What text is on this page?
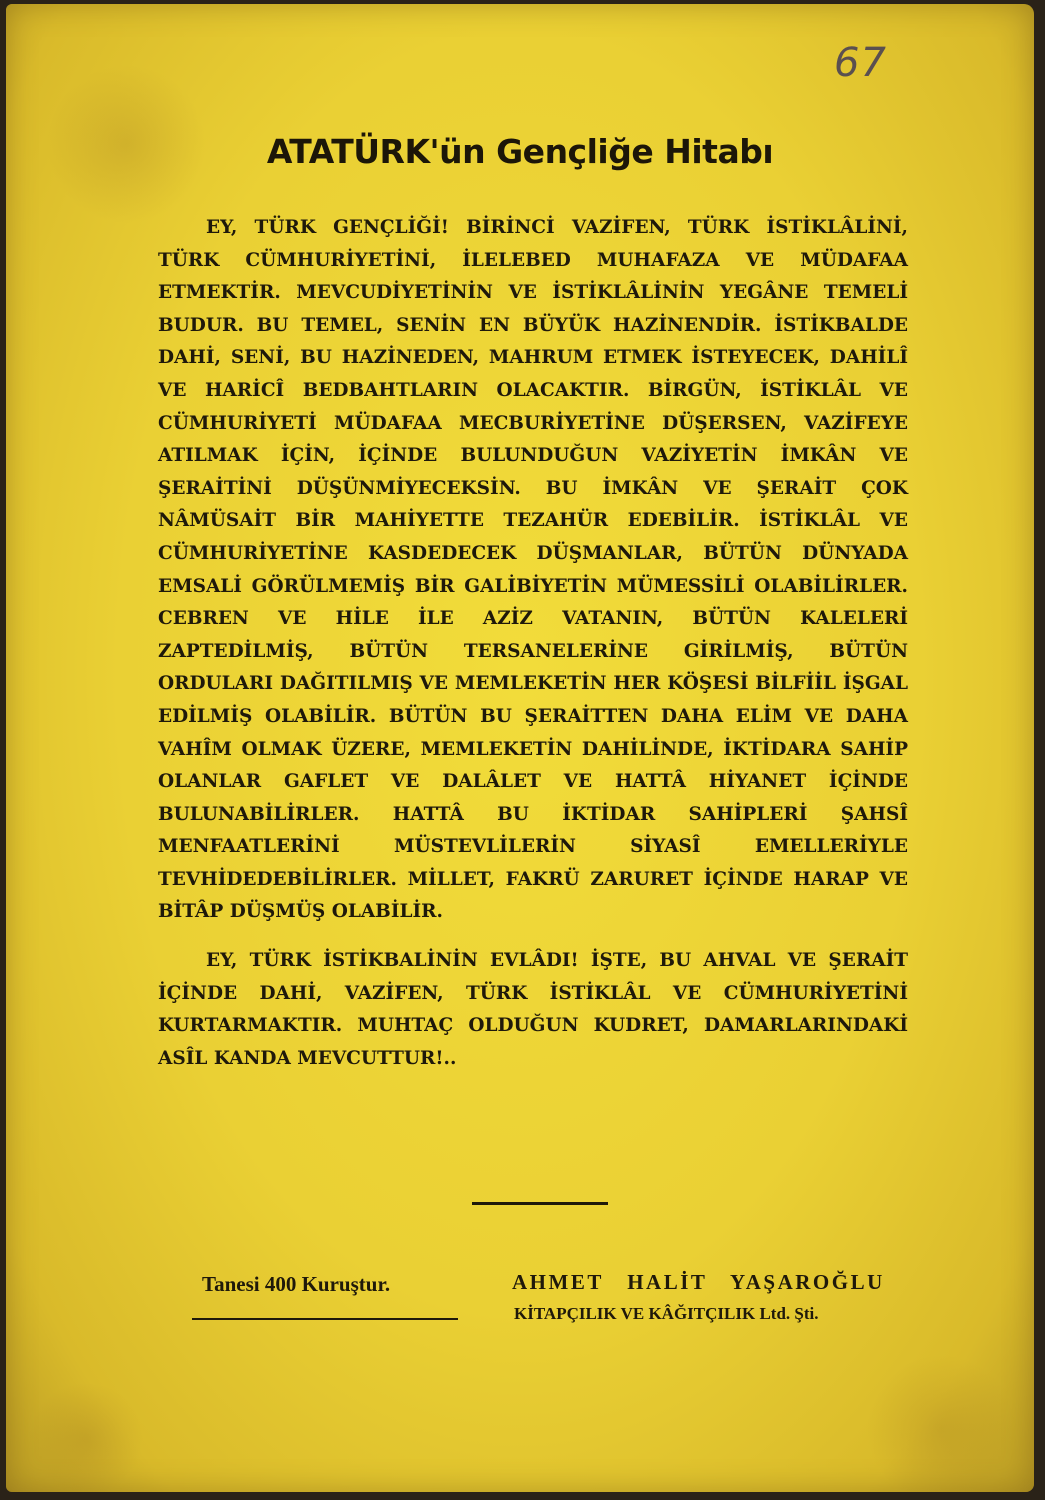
67
ATATÜRK'ün Gençliğe Hitabı

EY, TÜRK GENÇLİĞİ! BİRİNCİ VAZİFEN, TÜRK İSTİKLÂLİNİ, TÜRK CÜMHURİYETİNİ, İLELEBED MUHAFAZA VE MÜDAFAA ETMEKTİR. MEVCUDİYETİNİN VE İSTİKLÂLİNİN YEGÂNE TEMELİ BUDUR. BU TEMEL, SENİN EN BÜYÜK HAZİNENDİR. İSTİKBALDE DAHİ, SENİ, BU HAZİNEDEN, MAHRUM ETMEK İSTEYECEK, DAHİLÎ VE HARİCÎ BEDBAHTLARIN OLACAKTIR. BİRGÜN, İSTİKLÂL VE CÜMHURİYETİ MÜDAFAA MECBURİYETİNE DÜŞERSEN, VAZİFEYE ATILMAK İÇİN, İÇİNDE BULUNDUĞUN VAZİYETİN İMKÂN VE ŞERAİTİNİ DÜŞÜNMİYECEKSİN. BU İMKÂN VE ŞERAİT ÇOK NÂMÜSAİT BİR MAHİYETTE TEZAHÜR EDEBİLİR. İSTİKLÂL VE CÜMHURİYETİNE KASDEDECEK DÜŞMANLAR, BÜTÜN DÜNYADA EMSALİ GÖRÜLMEMİŞ BİR GALİBİYETİN MÜMESSİLİ OLABİLİRLER. CEBREN VE HİLE İLE AZİZ VATANIN, BÜTÜN KALELERİ ZAPTEDİLMİŞ, BÜTÜN TERSANELERİNE GİRİLMİŞ, BÜTÜN ORDULARI DAĞITILMIŞ VE MEMLEKETİN HER KÖŞESİ BİLFİİL İŞGAL EDİLMİŞ OLABİLİR. BÜTÜN BU ŞERAİTTEN DAHA ELİM VE DAHA VAHÎM OLMAK ÜZERE, MEMLEKETİN DAHİLİNDE, İKTİDARA SAHİP OLANLAR GAFLET VE DALÂLET VE HATTÂ HİYANET İÇİNDE BULUNABİLİRLER. HATTÂ BU İKTİDAR SAHİPLERİ ŞAHSÎ MENFAATLERİNİ MÜSTEVLİLERİN SİYASÎ EMELLERİYLE TEVHİDEDEBİLİRLER. MİLLET, FAKRÜ ZARURET İÇİNDE HARAP VE BİTÂP DÜŞMÜŞ OLABİLİR.

EY, TÜRK İSTİKBALİNİN EVLÂDI! İŞTE, BU AHVAL VE ŞERAİT İÇİNDE DAHİ, VAZİFEN, TÜRK İSTİKLÂL VE CÜMHURİYETİNİ KURTARMAKTIR. MUHTAÇ OLDUĞUN KUDRET, DAMARLARINDAKİ ASÎL KANDA MEVCUTTUR!..

Tanesi 400 Kuruştur.	AHMET HALİT YAŞAROĞLU
KİTAPÇILIK VE KÂĞITÇILIK Ltd. Şti.
